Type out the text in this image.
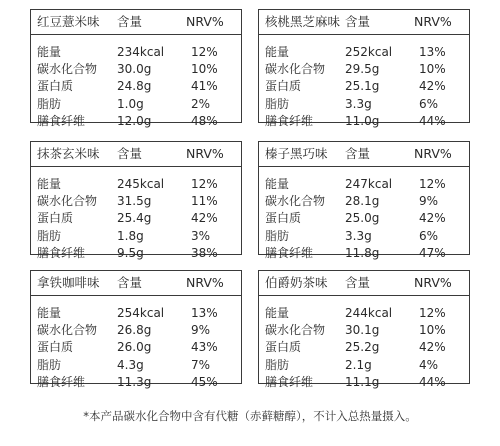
红豆薏米味 含量	NRV%
能量	234kcal 12%
碳水化合物 30.0g	10%
蛋白质	24.8g	41%
脂肪	1.0g	2%
膳食纤维	12.0g	48%
核桃黑芝麻味 含量	NRV%
能量	252kcal 13%
碳水化合物 29.5g	10%
蛋白质	25.1g	42%
脂肪	3.3g	6%
膳食纤维	11.0g	44%
抹茶玄米味 含量	NRV%
能量	245kcal 12%
碳水化合物 31.5g	11%
蛋白质	25.4g	42%
脂肪	1.8g	3%
膳食纤维	9.5g	38%
榛子黑巧味 含量	NRV%
能量	247kcal 12%
碳水化合物 28.1g	9%
蛋白质	25.0g	42%
脂肪	3.3g	6%
膳食纤维	11.8g	47%
拿铁咖啡味 含量	NRV%
能量	254kcal 13%
碳水化合物 26.8g	9%
蛋白质	26.0g	43%
脂肪	4.3g	7%
膳食纤维	11.3g	45%
伯爵奶茶味 含量	NRV%
能量	244kcal 12%
碳水化合物 30.1g	10%
蛋白质	25.2g	42%
脂肪	2.1g	4%
膳食纤维	11.1g	44%
*本产品碳水化合物中含有代糖（赤藓糖醇），不计入总热量摄入。
